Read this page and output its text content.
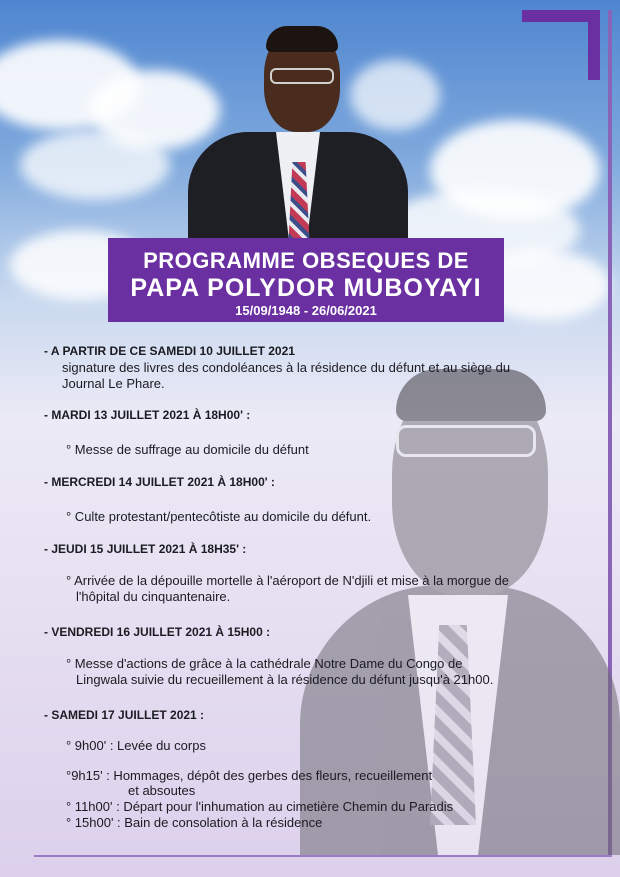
PROGRAMME OBSEQUES DE
PAPA POLYDOR MUBOYAYI
15/09/1948 - 26/06/2021
- A PARTIR DE CE SAMEDI 10 JUILLET 2021
signature des livres des condoléances à la résidence du défunt et au siège du
Journal Le Phare.
- MARDI 13 JUILLET 2021 À 18H00' :
° Messe de suffrage au domicile du défunt
- MERCREDI 14 JUILLET 2021 À 18H00' :
° Culte protestant/pentecôtiste au domicile du défunt.
- JEUDI 15 JUILLET 2021 À 18H35' :
° Arrivée de la dépouille mortelle à l'aéroport de N'djili et mise à la morgue de
l'hôpital du cinquantenaire.
- VENDREDI 16 JUILLET 2021 À 15H00 :
° Messe d'actions de grâce à la cathédrale Notre Dame du Congo de
Lingwala suivie du recueillement à la résidence du défunt jusqu'à 21h00.
- SAMEDI 17 JUILLET 2021 :
° 9h00' : Levée du corps
°9h15' : Hommages, dépôt des gerbes des fleurs, recueillement
et absoutes
° 11h00' : Départ pour l'inhumation au cimetière Chemin du Paradis
° 15h00' : Bain de consolation à la résidence
